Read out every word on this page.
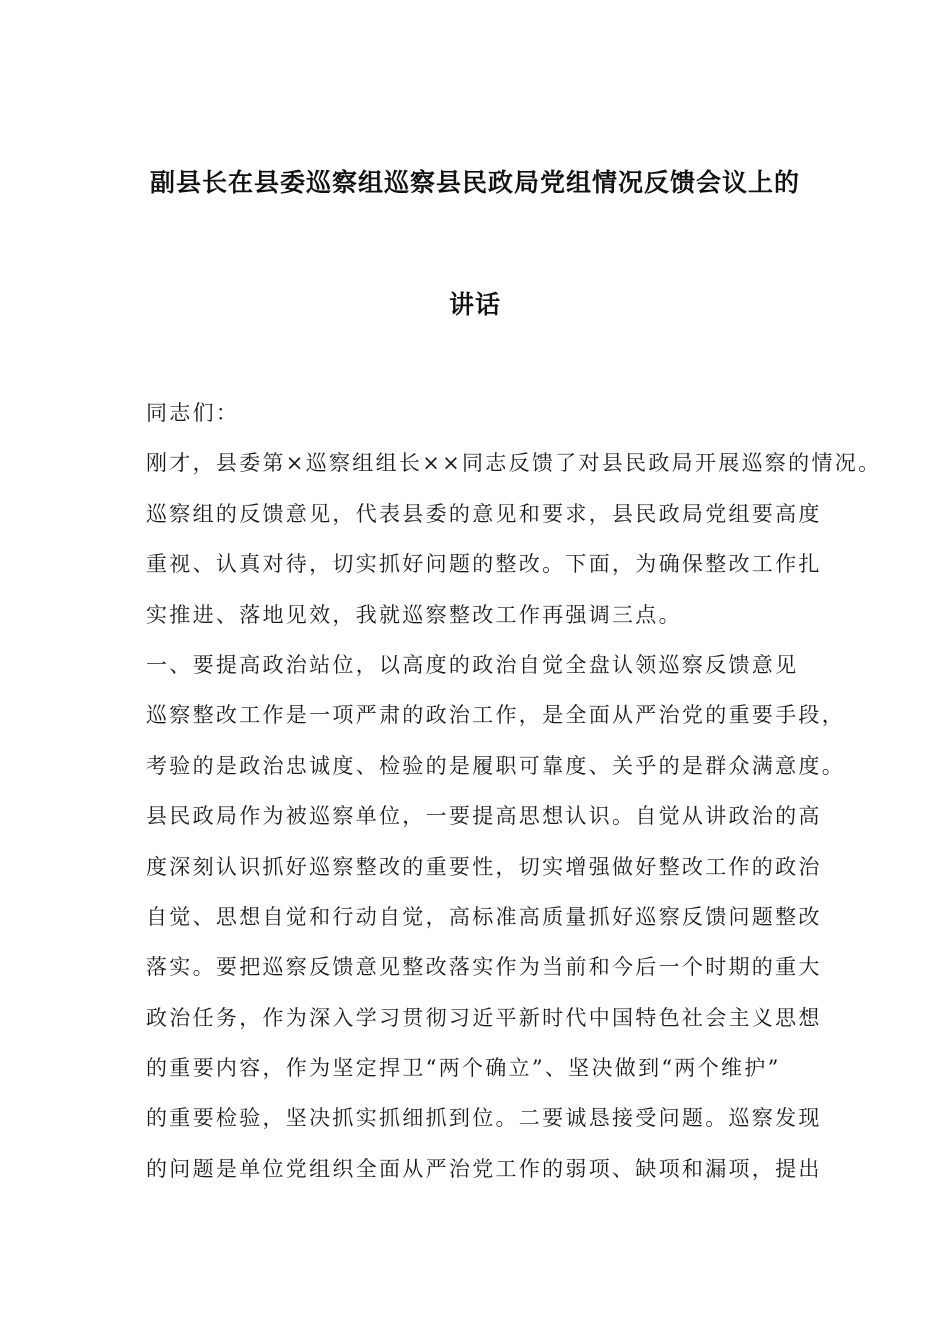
副县长在县委巡察组巡察县民政局党组情况反馈会议上的
讲话
同志们：
刚才，县委第×巡察组组长××同志反馈了对县民政局开展巡察的情况。
巡察组的反馈意见，代表县委的意见和要求，县民政局党组要高度
重视、认真对待，切实抓好问题的整改。下面，为确保整改工作扎
实推进、落地见效，我就巡察整改工作再强调三点。
一、要提高政治站位，以高度的政治自觉全盘认领巡察反馈意见
巡察整改工作是一项严肃的政治工作，是全面从严治党的重要手段，
考验的是政治忠诚度、检验的是履职可靠度、关乎的是群众满意度。
县民政局作为被巡察单位，一要提高思想认识。自觉从讲政治的高
度深刻认识抓好巡察整改的重要性，切实增强做好整改工作的政治
自觉、思想自觉和行动自觉，高标准高质量抓好巡察反馈问题整改
落实。要把巡察反馈意见整改落实作为当前和今后一个时期的重大
政治任务，作为深入学习贯彻习近平新时代中国特色社会主义思想
的重要内容，作为坚定捍卫“两个确立”、坚决做到“两个维护”
的重要检验，坚决抓实抓细抓到位。二要诚恳接受问题。巡察发现
的问题是单位党组织全面从严治党工作的弱项、缺项和漏项，提出
